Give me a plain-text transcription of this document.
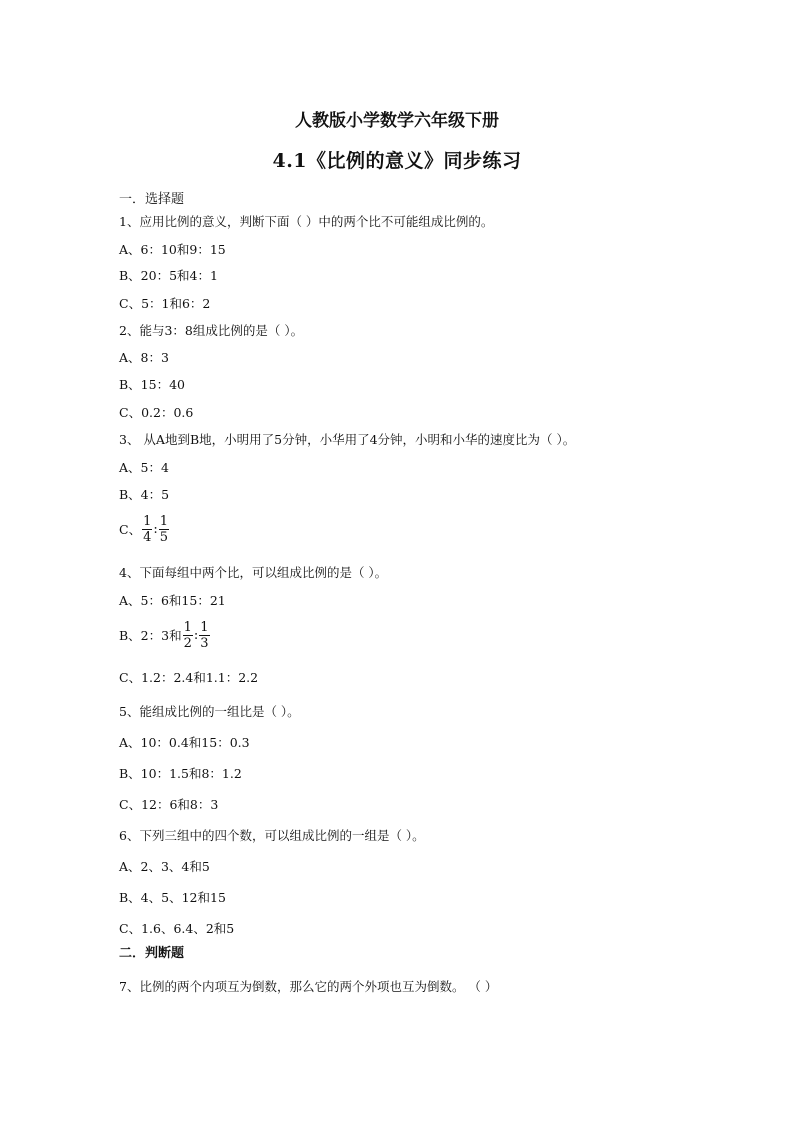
人教版小学数学六年级下册
4.1《比例的意义》同步练习
一．选择题
1、应用比例的意义，判断下面（ ）中的两个比不可能组成比例的。
A、6：10和9：15
B、20：5和4：1
C、5：1和6：2
2、能与3：8组成比例的是（ ）。
A、8：3
B、15：40
C、0.2：0.6
3、 从A地到B地，小明用了5分钟，小华用了4分钟，小明和小华的速度比为（ ）。
A、5：4
B、4：5
C、 $\frac{1}{4}$ : $\frac{1}{5}$
4、下面每组中两个比，可以组成比例的是（ ）。
A、5：6和15：21
B、2：3和 $\frac{1}{2}$ : $\frac{1}{3}$
C、1.2：2.4和1.1：2.2
5、能组成比例的一组比是（ ）。
A、10：0.4和15：0.3
B、10：1.5和8：1.2
C、12：6和8：3
6、下列三组中的四个数，可以组成比例的一组是（ ）。
A、2、3、4和5
B、4、5、12和15
C、1.6、6.4、2和5
二．判断题
7、比例的两个内项互为倒数，那么它的两个外项也互为倒数。 （ ）
